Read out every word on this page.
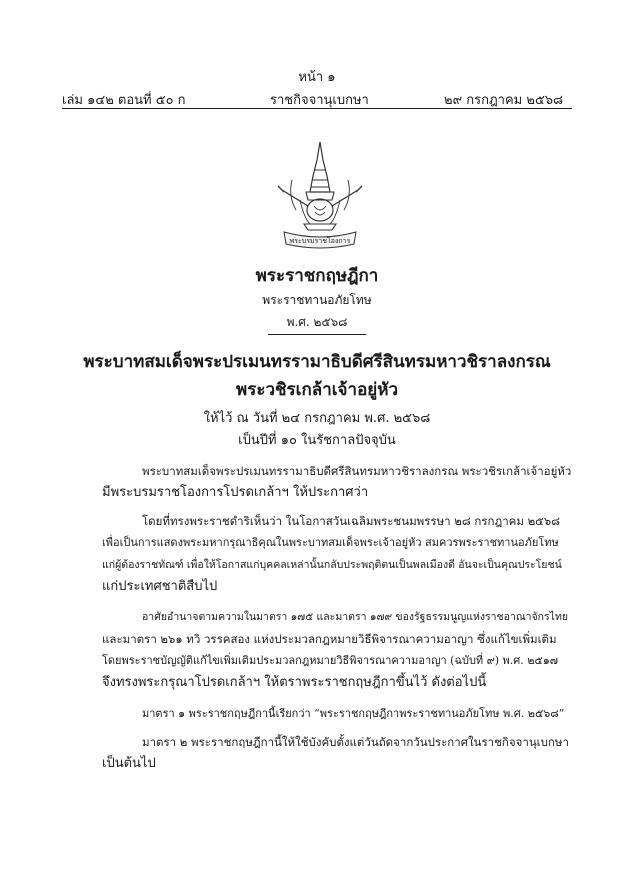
หน้า ๑
เล่ม ๑๔๒ ตอนที่ ๕๐ ก	ราชกิจจานุเบกษา	๒๙ กรกฎาคม ๒๕๖๘
พระบรมราชโองการ
พระราชกฤษฎีกา
พระราชทานอภัยโทษ
พ.ศ. ๒๕๖๘
พระบาทสมเด็จพระปรเมนทรรามาธิบดีศรีสินทรมหาวชิราลงกรณ
พระวชิรเกล้าเจ้าอยู่หัว
ให้ไว้ ณ วันที่ ๒๔ กรกฎาคม พ.ศ. ๒๕๖๘
เป็นปีที่ ๑๐ ในรัชกาลปัจจุบัน
พระบาทสมเด็จพระปรเมนทรรามาธิบดีศรีสินทรมหาวชิราลงกรณ พระวชิรเกล้าเจ้าอยู่หัว
มีพระบรมราชโองการโปรดเกล้าฯ ให้ประกาศว่า
โดยที่ทรงพระราชดำริเห็นว่า ในโอกาสวันเฉลิมพระชนมพรรษา ๒๘ กรกฎาคม ๒๕๖๘
เพื่อเป็นการแสดงพระมหากรุณาธิคุณในพระบาทสมเด็จพระเจ้าอยู่หัว สมควรพระราชทานอภัยโทษ
แก่ผู้ต้องราชทัณฑ์ เพื่อให้โอกาสแก่บุคคลเหล่านั้นกลับประพฤติตนเป็นพลเมืองดี อันจะเป็นคุณประโยชน์
แก่ประเทศชาติสืบไป
อาศัยอำนาจตามความในมาตรา ๑๗๕ และมาตรา ๑๗๙ ของรัฐธรรมนูญแห่งราชอาณาจักรไทย
และมาตรา ๒๖๑ ทวิ วรรคสอง แห่งประมวลกฎหมายวิธีพิจารณาความอาญา ซึ่งแก้ไขเพิ่มเติม
โดยพระราชบัญญัติแก้ไขเพิ่มเติมประมวลกฎหมายวิธีพิจารณาความอาญา (ฉบับที่ ๙) พ.ศ. ๒๕๑๗
จึงทรงพระกรุณาโปรดเกล้าฯ ให้ตราพระราชกฤษฎีกาขึ้นไว้ ดังต่อไปนี้
มาตรา ๑ พระราชกฤษฎีกานี้เรียกว่า “พระราชกฤษฎีกาพระราชทานอภัยโทษ พ.ศ. ๒๕๖๘”
มาตรา ๒ พระราชกฤษฎีกานี้ให้ใช้บังคับตั้งแต่วันถัดจากวันประกาศในราชกิจจานุเบกษา
เป็นต้นไป
